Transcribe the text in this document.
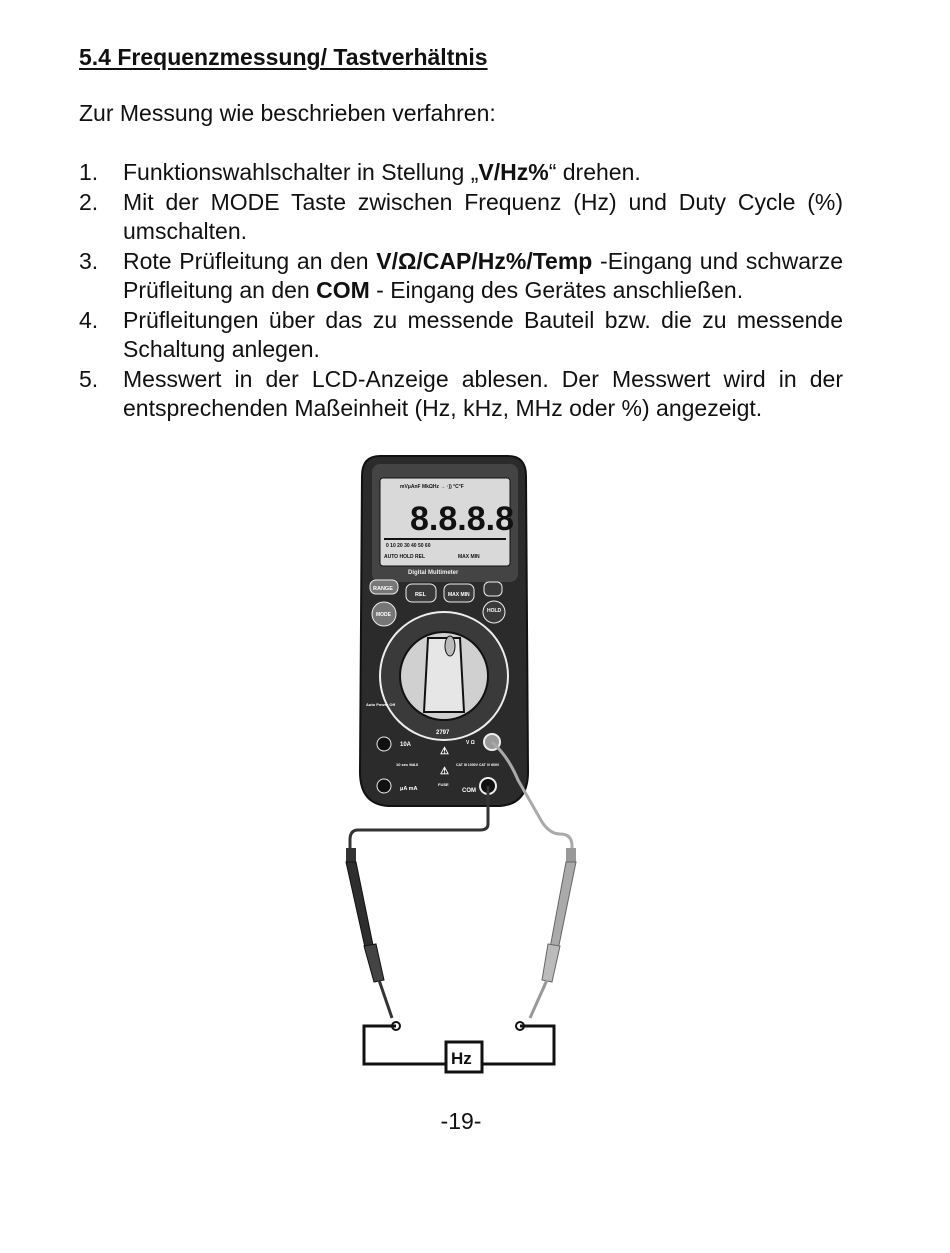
5.4 Frequenzmessung/ Tastverhältnis

Zur Messung wie beschrieben verfahren:

1. Funktionswahlschalter in Stellung „V/Hz%“ drehen.
2. Mit der MODE Taste zwischen Frequenz (Hz) und Duty Cycle (%) umschalten.
3. Rote Prüfleitung an den V/Ω/CAP/Hz%/Temp -Eingang und schwarze Prüfleitung an den COM - Eingang des Gerätes anschließen.
4. Prüfleitungen über das zu messende Bauteil bzw. die zu messende Schaltung anlegen.
5. Messwert in der LCD-Anzeige ablesen. Der Messwert wird in der entsprechenden Maßeinheit (Hz, kHz, MHz oder %) angezeigt.
mVμAnF MkΩHz → ·)) °C°F
8.8.8.8
0 10 20 30 40 50 60
AUTO HOLD REL	MAX MIN
Digital Multimeter
RANGE
REL	MAX MIN
MODE
HOLD
Auto Power Off
2797
10A
10 sec MAX
μA mA
⚠
⚠
FUSE
COM
V Ω
CAT III 1000V CAT IV 600V
Hz
-19-
